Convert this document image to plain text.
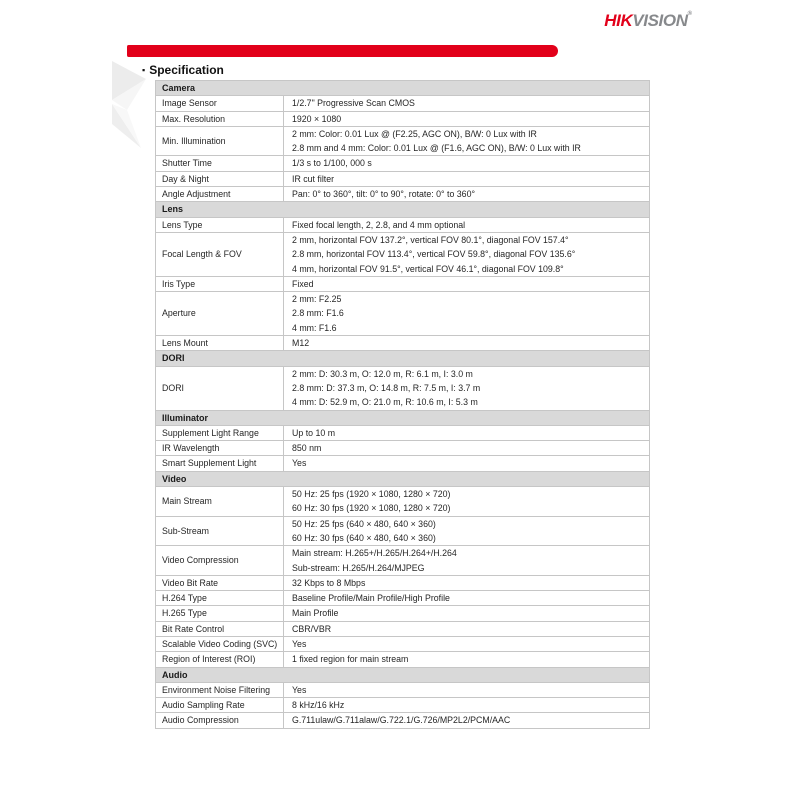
HIKVISION®
▪ Specification
Camera	
Image Sensor	1/2.7" Progressive Scan CMOS

Max. Resolution	1920 × 1080

Min. Illumination	2 mm: Color: 0.01 Lux @ (F2.25, AGC ON), B/W: 0 Lux with IR
2.8 mm and 4 mm: Color: 0.01 Lux @ (F1.6, AGC ON), B/W: 0 Lux with IR

Shutter Time	1/3 s to 1/100, 000 s

Day & Night	IR cut filter

Angle Adjustment	Pan: 0° to 360°, tilt: 0° to 90°, rotate: 0° to 360°

Lens	
Lens Type	Fixed focal length, 2, 2.8, and 4 mm optional

Focal Length & FOV	2 mm, horizontal FOV 137.2°, vertical FOV 80.1°, diagonal FOV 157.4°
2.8 mm, horizontal FOV 113.4°, vertical FOV 59.8°, diagonal FOV 135.6°
4 mm, horizontal FOV 91.5°, vertical FOV 46.1°, diagonal FOV 109.8°

Iris Type	Fixed

Aperture	2 mm: F2.25
2.8 mm: F1.6
4 mm: F1.6

Lens Mount	M12

DORI	
DORI	2 mm: D: 30.3 m, O: 12.0 m, R: 6.1 m, I: 3.0 m
2.8 mm: D: 37.3 m, O: 14.8 m, R: 7.5 m, I: 3.7 m
4 mm: D: 52.9 m, O: 21.0 m, R: 10.6 m, I: 5.3 m

Illuminator	
Supplement Light Range	Up to 10 m

IR Wavelength	850 nm

Smart Supplement Light	Yes

Video	
Main Stream	50 Hz: 25 fps (1920 × 1080, 1280 × 720)
60 Hz: 30 fps (1920 × 1080, 1280 × 720)

Sub-Stream	50 Hz: 25 fps (640 × 480, 640 × 360)
60 Hz: 30 fps (640 × 480, 640 × 360)

Video Compression	Main stream: H.265+/H.265/H.264+/H.264
Sub-stream: H.265/H.264/MJPEG

Video Bit Rate	32 Kbps to 8 Mbps

H.264 Type	Baseline Profile/Main Profile/High Profile

H.265 Type	Main Profile

Bit Rate Control	CBR/VBR

Scalable Video Coding (SVC)	Yes

Region of Interest (ROI)	1 fixed region for main stream

Audio	
Environment Noise Filtering	Yes

Audio Sampling Rate	8 kHz/16 kHz

Audio Compression	G.711ulaw/G.711alaw/G.722.1/G.726/MP2L2/PCM/AAC
